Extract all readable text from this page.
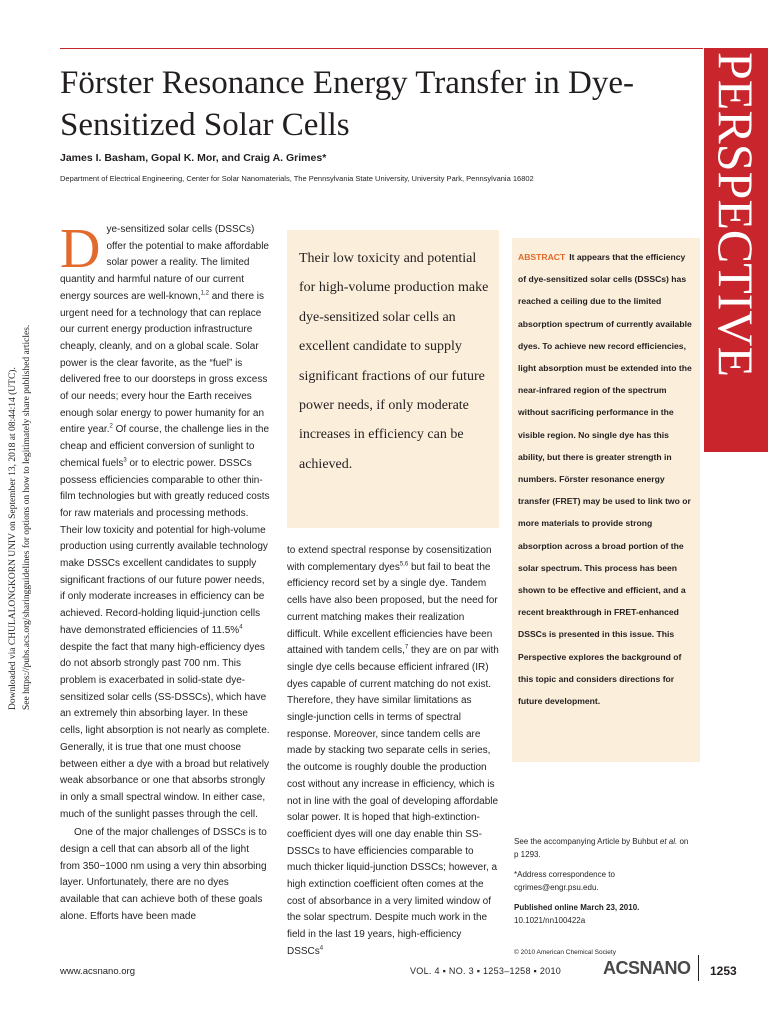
PERSPECTIVE
Förster Resonance Energy Transfer in Dye-Sensitized Solar Cells

James I. Basham, Gopal K. Mor, and Craig A. Grimes*

Department of Electrical Engineering, Center for Solar Nanomaterials, The Pennsylvania State University, University Park, Pennsylvania 16802

Downloaded via CHULALONGKORN UNIV on September 13, 2018 at 08:44:14 (UTC). See https://pubs.acs.org/sharingguidelines for options on how to legitimately share published articles.

Dye-sensitized solar cells (DSSCs) offer the potential to make affordable solar power a reality. The limited quantity and harmful nature of our current energy sources are well-known,$^{1,2}$ and there is urgent need for a technology that can replace our current energy production infrastructure cheaply, cleanly, and on a global scale. Solar power is the clear favorite, as the “fuel” is delivered free to our doorsteps in gross excess of our needs; every hour the Earth receives enough solar energy to power humanity for an entire year.$^2$ Of course, the challenge lies in the cheap and efficient conversion of sunlight to chemical fuels$^3$ or to electric power. DSSCs possess efficiencies comparable to other thin-film technologies but with greatly reduced costs for raw materials and processing methods. Their low toxicity and potential for high-volume production using currently available technology make DSSCs excellent candidates to supply significant fractions of our future power needs, if only moderate increases in efficiency can be achieved. Record-holding liquid-junction cells have demonstrated efficiencies of 11.5%$^4$ despite the fact that many high-efficiency dyes do not absorb strongly past 700 nm. This problem is exacerbated in solid-state dye-sensitized solar cells (SS-DSSCs), which have an extremely thin absorbing layer. In these cells, light absorption is not nearly as complete. Generally, it is true that one must choose between either a dye with a broad but relatively weak absorbance or one that absorbs strongly in only a small spectral window. In either case, much of the sunlight passes through the cell.

One of the major challenges of DSSCs is to design a cell that can absorb all of the light from 350−1000 nm using a very thin absorbing layer. Unfortunately, there are no dyes available that can achieve both of these goals alone. Efforts have been made

Their low toxicity and potential for high-volume production make dye-sensitized solar cells an excellent candidate to supply significant fractions of our future power needs, if only moderate increases in efficiency can be achieved.

to extend spectral response by cosensitization with complementary dyes$^{5,6}$ but fail to beat the efficiency record set by a single dye. Tandem cells have also been proposed, but the need for current matching makes their realization difficult. While excellent efficiencies have been attained with tandem cells,$^7$ they are on par with single dye cells because efficient infrared (IR) dyes capable of current matching do not exist. Therefore, they have similar limitations as single-junction cells in terms of spectral response. Moreover, since tandem cells are made by stacking two separate cells in series, the outcome is roughly double the production cost without any increase in efficiency, which is not in line with the goal of developing affordable solar power. It is hoped that high-extinction-coefficient dyes will one day enable thin SS-DSSCs to have efficiencies comparable to much thicker liquid-junction DSSCs; however, a high extinction coefficient often comes at the cost of absorbance in a very limited window of the solar spectrum. Despite much work in the field in the last 19 years, high-efficiency DSSCs$^4$

ABSTRACT It appears that the efficiency of dye-sensitized solar cells (DSSCs) has reached a ceiling due to the limited absorption spectrum of currently available dyes. To achieve new record efficiencies, light absorption must be extended into the near-infrared region of the spectrum without sacrificing performance in the visible region. No single dye has this ability, but there is greater strength in numbers. Förster resonance energy transfer (FRET) may be used to link two or more materials to provide strong absorption across a broad portion of the solar spectrum. This process has been shown to be effective and efficient, and a recent breakthrough in FRET-enhanced DSSCs is presented in this issue. This Perspective explores the background of this topic and considers directions for future development.

See the accompanying Article by Buhbut et al. on p 1293.

*Address correspondence to cgrimes@engr.psu.edu.

Published online March 23, 2010.

10.1021/nn100422a

© 2010 American Chemical Society
www.acsnano.org	VOL. 4 ▪ NO. 3 ▪ 1253–1258 ▪ 2010 ACSNANO 1253
